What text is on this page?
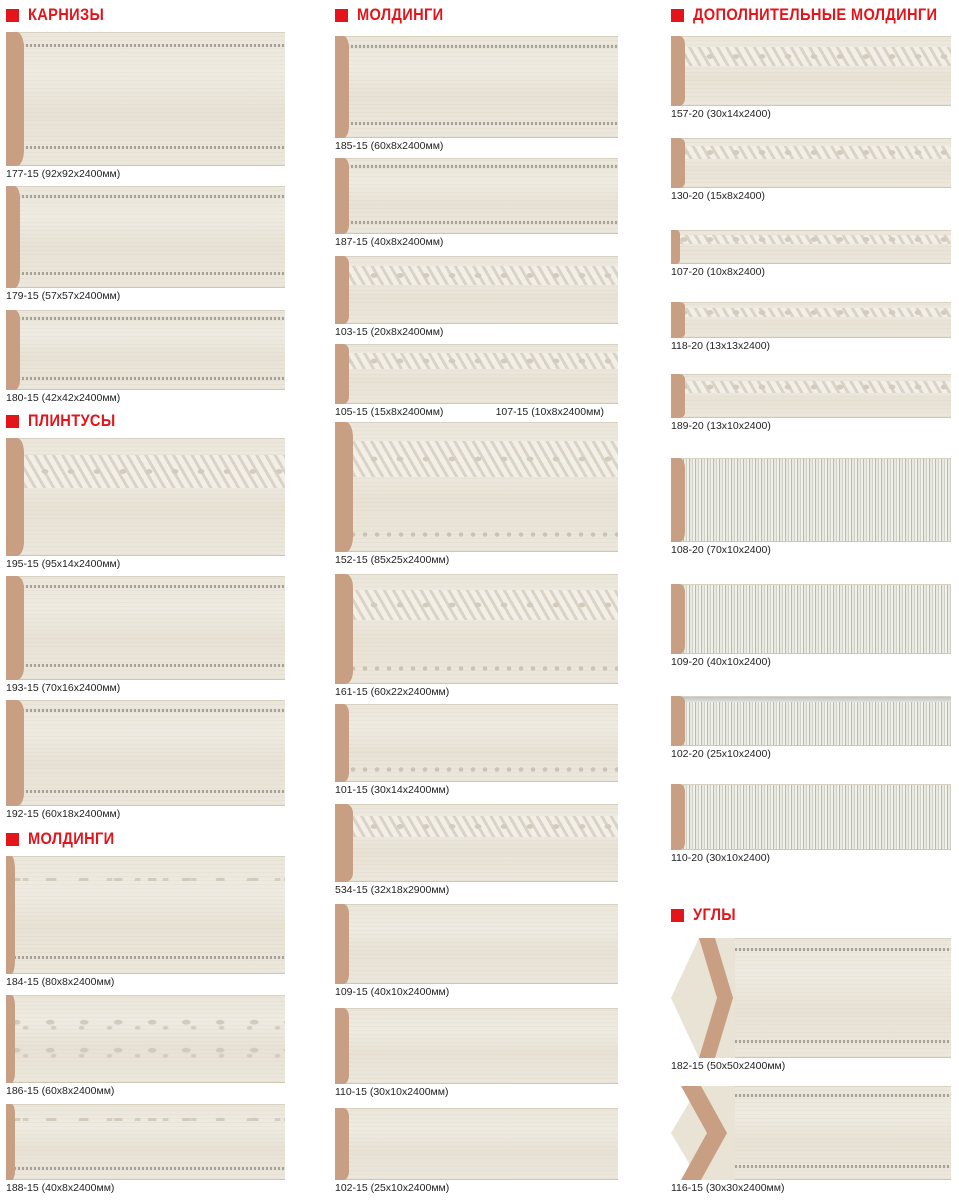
КАРНИЗЫ
177-15 (92х92х2400мм)
179-15 (57х57х2400мм)
180-15 (42х42х2400мм)
ПЛИНТУСЫ
195-15 (95х14х2400мм)
193-15 (70х16х2400мм)
192-15 (60х18х2400мм)
МОЛДИНГИ
184-15 (80х8х2400мм)
186-15 (60х8х2400мм)
188-15 (40х8х2400мм)
МОЛДИНГИ
185-15 (60х8х2400мм)
187-15 (40х8х2400мм)
103-15 (20х8х2400мм)
105-15 (15х8х2400мм)	107-15 (10х8х2400мм)
152-15 (85х25х2400мм)
161-15 (60х22х2400мм)
101-15 (30х14х2400мм)
534-15 (32х18х2900мм)
109-15 (40х10х2400мм)
110-15 (30х10х2400мм)
102-15 (25х10х2400мм)
ДОПОЛНИТЕЛЬНЫЕ МОЛДИНГИ
157-20 (30х14х2400)
130-20 (15х8х2400)
107-20 (10х8х2400)
118-20 (13х13х2400)
189-20 (13х10х2400)
108-20 (70х10х2400)
109-20 (40х10х2400)
102-20 (25х10х2400)
110-20 (30х10х2400)
УГЛЫ
182-15 (50х50х2400мм)
116-15 (30х30х2400мм)
